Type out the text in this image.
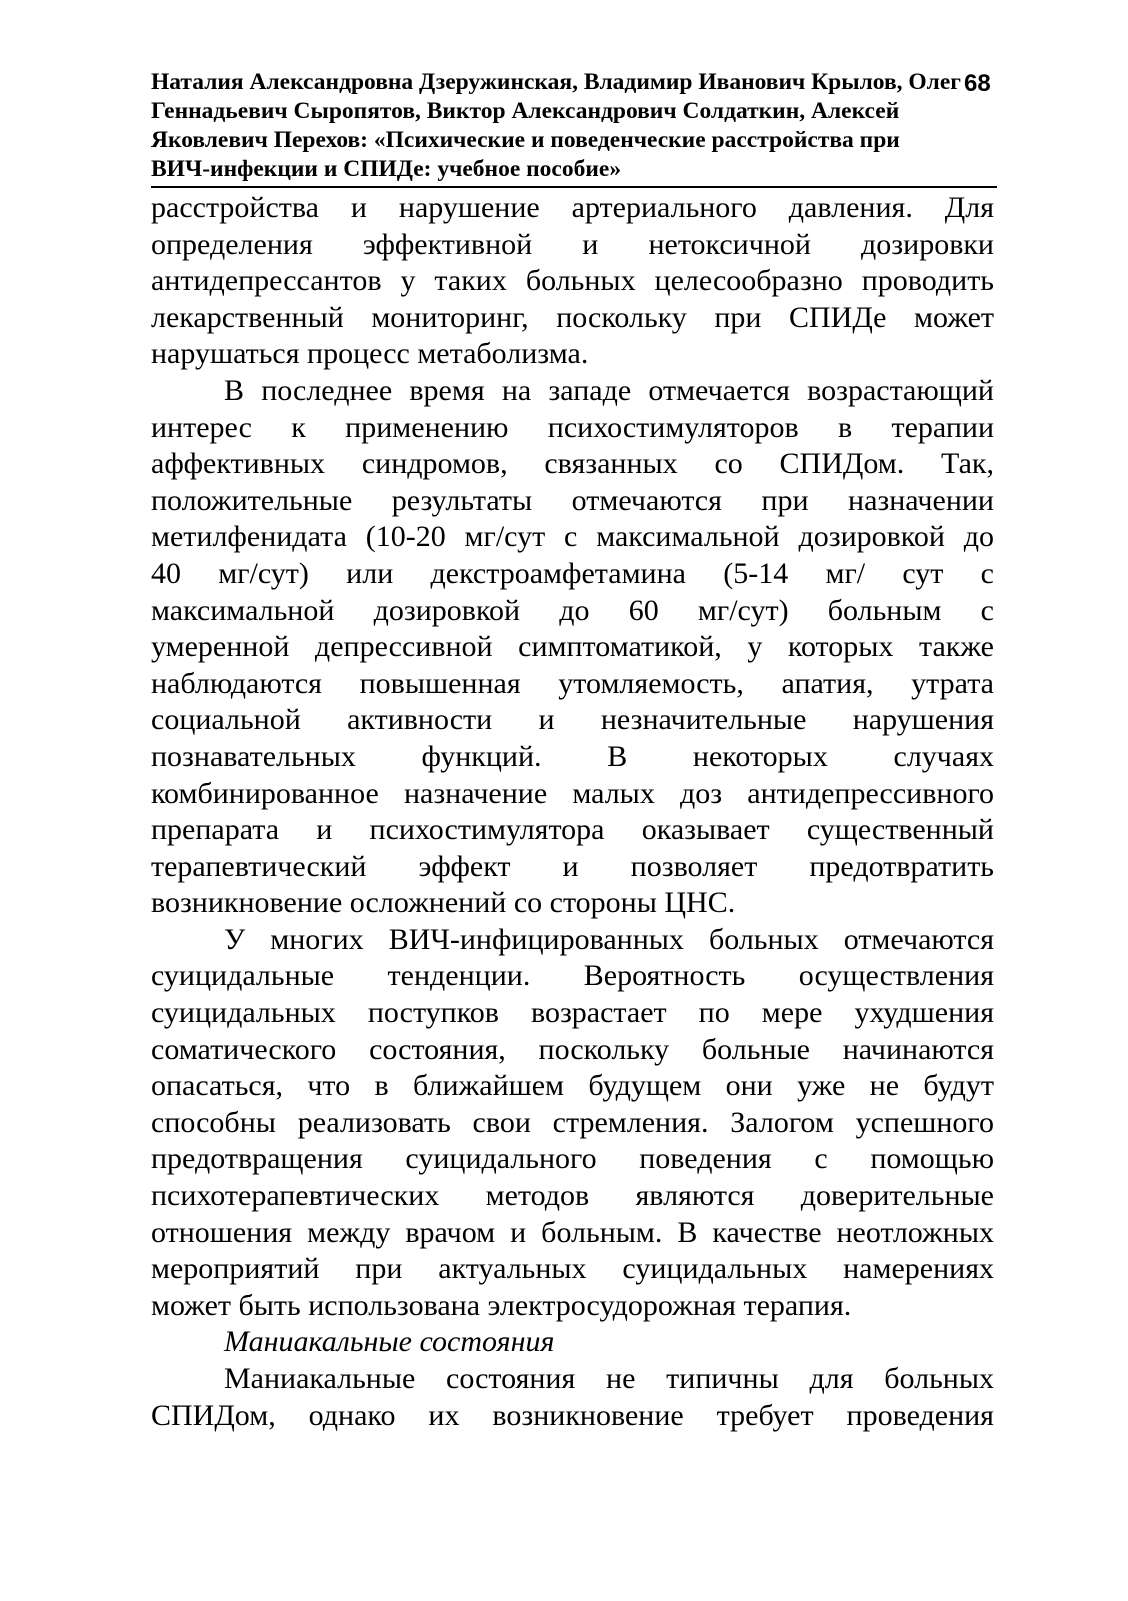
Наталия Александровна Дзеружинская, Владимир Иванович Крылов, Олег
Геннадьевич Сыропятов, Виктор Александрович Солдаткин, Алексей
Яковлевич Перехов: «Психические и поведенческие расстройства при
ВИЧ-инфекции и СПИДе: учебное пособие»
68
расстройства и нарушение артериального давления. Для
определения эффективной и нетоксичной дозировки
антидепрессантов у таких больных целесообразно проводить
лекарственный мониторинг, поскольку при СПИДе может
нарушаться процесс метаболизма.
В последнее время на западе отмечается возрастающий
интерес к применению психостимуляторов в терапии
аффективных синдромов, связанных со СПИДом. Так,
положительные результаты отмечаются при назначении
метилфенидата (10-20 мг/сут с максимальной дозировкой до
40 мг/сут) или декстроамфетамина (5-14 мг/ сут с
максимальной дозировкой до 60 мг/сут) больным с
умеренной депрессивной симптоматикой, у которых также
наблюдаются повышенная утомляемость, апатия, утрата
социальной активности и незначительные нарушения
познавательных функций. В некоторых случаях
комбинированное назначение малых доз антидепрессивного
препарата и психостимулятора оказывает существенный
терапевтический эффект и позволяет предотвратить
возникновение осложнений со стороны ЦНС.
У многих ВИЧ-инфицированных больных отмечаются
суицидальные тенденции. Вероятность осуществления
суицидальных поступков возрастает по мере ухудшения
соматического состояния, поскольку больные начинаются
опасаться, что в ближайшем будущем они уже не будут
способны реализовать свои стремления. Залогом успешного
предотвращения суицидального поведения с помощью
психотерапевтических методов являются доверительные
отношения между врачом и больным. В качестве неотложных
мероприятий при актуальных суицидальных намерениях
может быть использована электросудорожная терапия.
Маниакальные состояния
Маниакальные состояния не типичны для больных
СПИДом, однако их возникновение требует проведения
